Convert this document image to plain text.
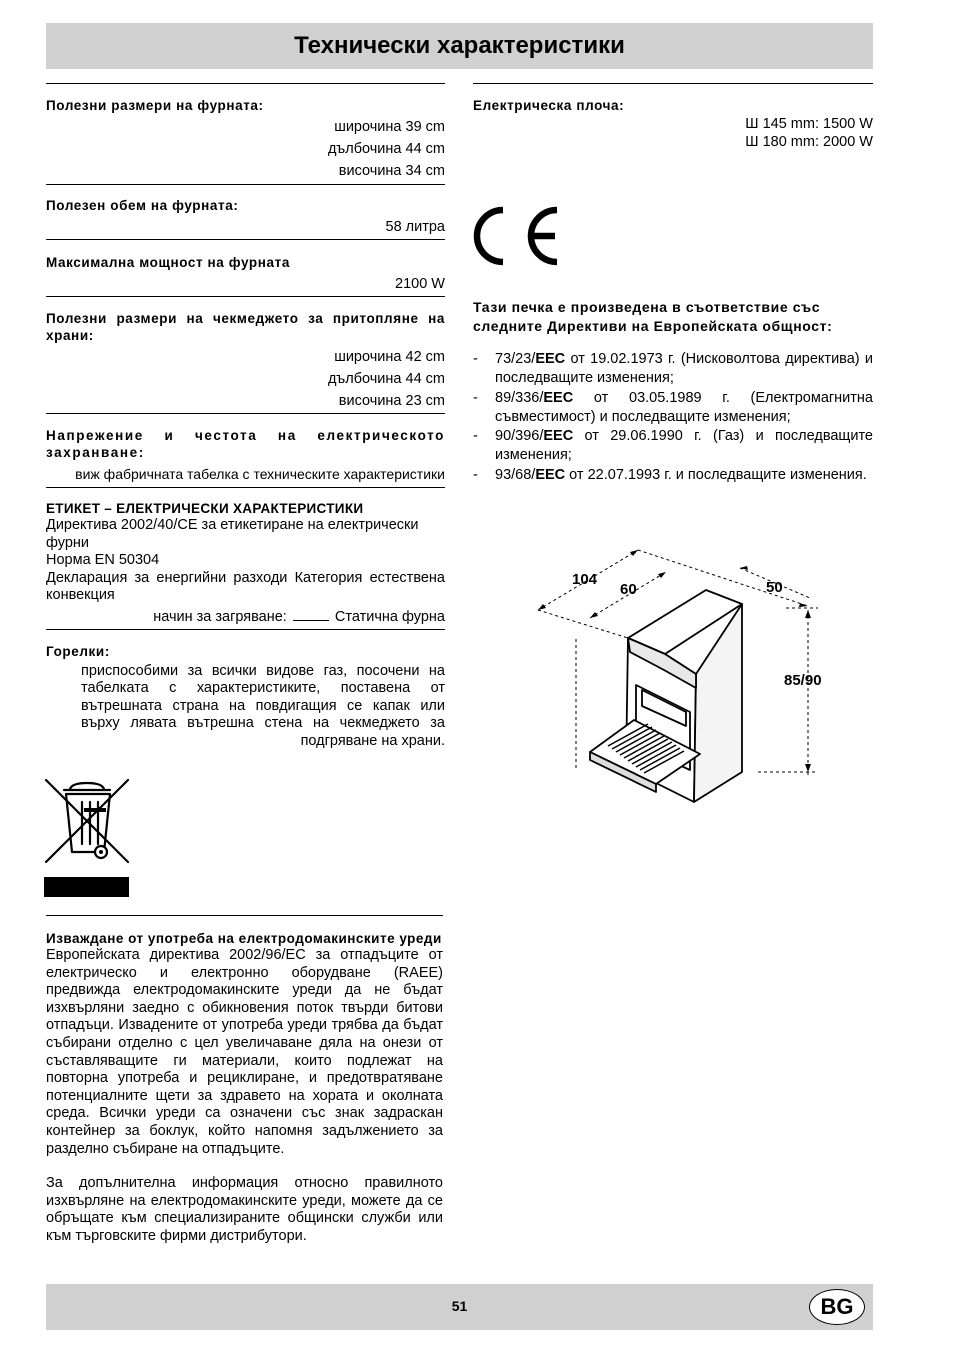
Технически характеристики
Полезни размери на фурната:
широчина 39 cm
дълбочина 44 cm
височина 34 cm
Полезен обем на фурната:
58 литра
Максимална мощност на фурната
2100 W
Полезни размери на чекмеджето за притопляне на храни:
широчина 42 cm
дълбочина 44 cm
височина 23 cm
Напрежение и честота на електрическото захранване:
виж фабричната табелка с техническите характеристики
ЕТИКЕТ – ЕЛЕКТРИЧЕСКИ ХАРАКТЕРИСТИКИ
Директива 2002/40/CE за етикетиране на електрически фурни
Норма EN 50304
Декларация за енергийни разходи Категория естествена конвекция
начин за загряване:	Статична фурна
Горелки:
приспособими за всички видове газ, посочени на табелката с характеристиките, поставена от вътрешната страна на повдигащия се капак или върху лявата вътрешна стена на чекмеджето за подгряване на храни.
Изваждане от употреба на електродомакинските уреди
Европейската директива 2002/96/EC за отпадъците от електрическо и електронно оборудване (RAEE) предвижда електродомакинските уреди да не бъдат изхвърляни заедно с обикновения поток твърди битови отпадъци. Извадените от употреба уреди трябва да бъдат събирани отделно с цел увеличаване дяла на онези от съставляващите ги материали, които подлежат на повторна употреба и рециклиране, и предотвратяване потенциалните щети за здравето на хората и околната среда. Всички уреди са означени със знак задраскан контейнер за боклук, който напомня задължението за разделно събиране на отпадъците.
За допълнителна информация относно правилното изхвърляне на електродомакинските уреди, можете да се обръщате към специализираните общински служби или към търговските фирми дистрибутори.
Електрическа плоча:
Ш 145 mm: 1500 W
Ш 180 mm: 2000 W
Тази печка е произведена в съответствие със следните Директиви на Европейската общност:
- 73/23/EEC от 19.02.1973 г. (Нисковолтова директива) и последващите изменения;
- 89/336/EEC от 03.05.1989 г. (Електромагнитна съвместимост) и последващите изменения;
- 90/396/EEC от 29.06.1990 г. (Газ) и последващите изменения;
- 93/68/EEC от 22.07.1993 г. и последващите изменения.
104
60	50
85/90
51	BG
